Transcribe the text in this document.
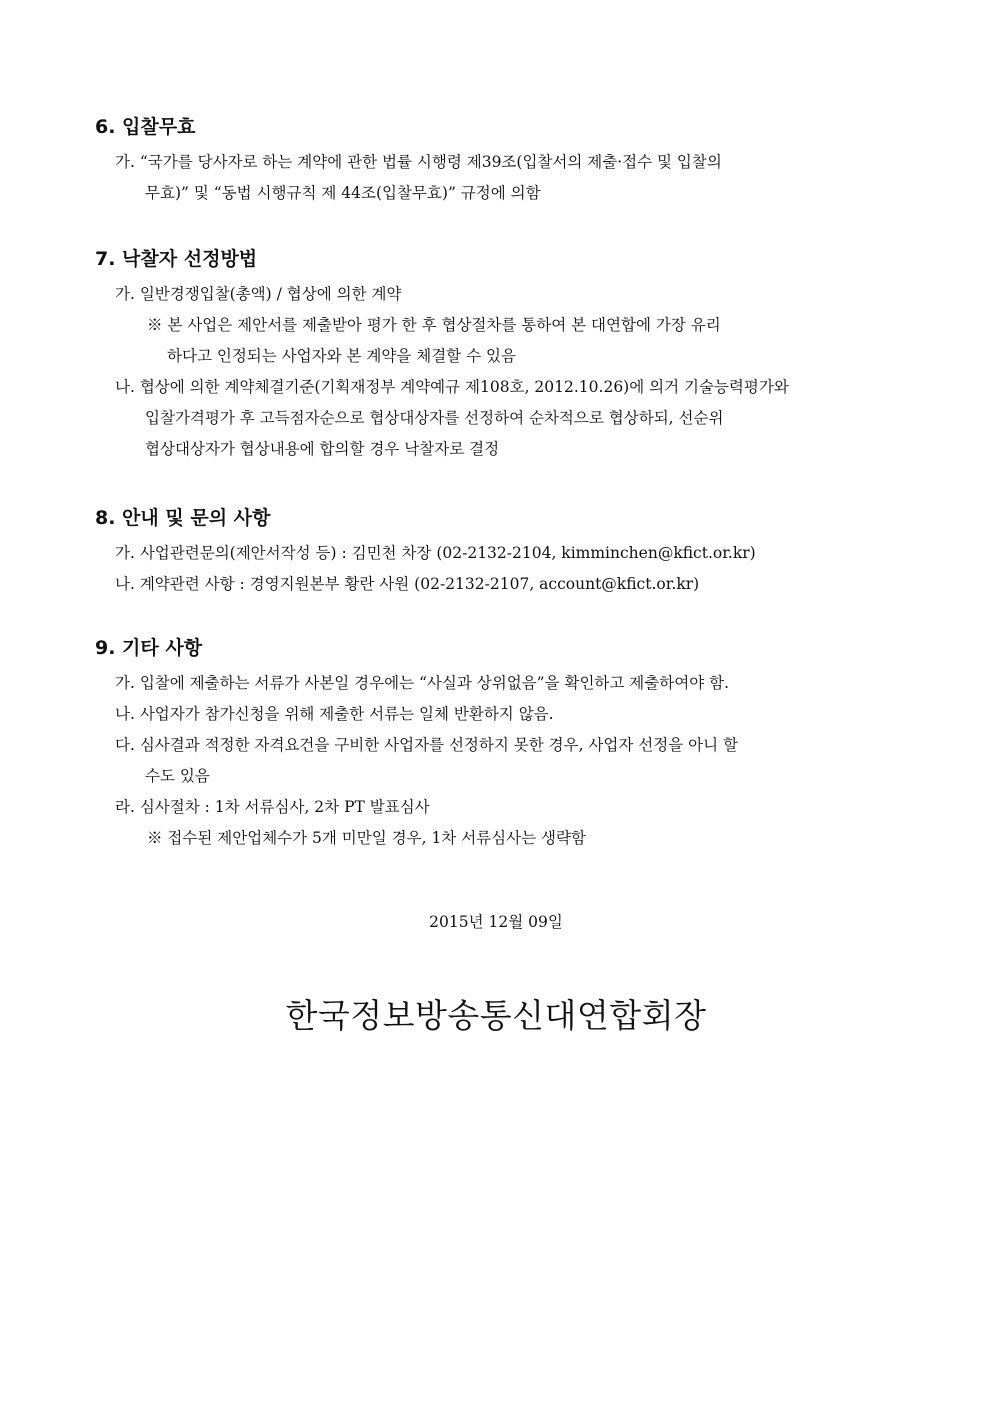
6. 입찰무효
가. “국가를 당사자로 하는 계약에 관한 법률 시행령 제39조(입찰서의 제출·접수 및 입찰의
무효)” 및 “동법 시행규칙 제 44조(입찰무효)” 규정에 의함
7. 낙찰자 선정방법
가. 일반경쟁입찰(총액) / 협상에 의한 계약
※ 본 사업은 제안서를 제출받아 평가 한 후 협상절차를 통하여 본 대연합에 가장 유리
하다고 인정되는 사업자와 본 계약을 체결할 수 있음
나. 협상에 의한 계약체결기준(기획재정부 계약예규 제108호, 2012.10.26)에 의거 기술능력평가와
입찰가격평가 후 고득점자순으로 협상대상자를 선정하여 순차적으로 협상하되, 선순위
협상대상자가 협상내용에 합의할 경우 낙찰자로 결정
8. 안내 및 문의 사항
가. 사업관련문의(제안서작성 등) : 김민천 차장 (02-2132-2104, kimminchen@kfict.or.kr)
나. 계약관련 사항 : 경영지원본부 황란 사원 (02-2132-2107, account@kfict.or.kr)
9. 기타 사항
가. 입찰에 제출하는 서류가 사본일 경우에는 “사실과 상위없음”을 확인하고 제출하여야 함.
나. 사업자가 참가신청을 위해 제출한 서류는 일체 반환하지 않음.
다. 심사결과 적정한 자격요건을 구비한 사업자를 선정하지 못한 경우, 사업자 선정을 아니 할
수도 있음
라. 심사절차 : 1차 서류심사, 2차 PT 발표심사
※ 접수된 제안업체수가 5개 미만일 경우, 1차 서류심사는 생략함
2015년 12월 09일
한국정보방송통신대연합회장
